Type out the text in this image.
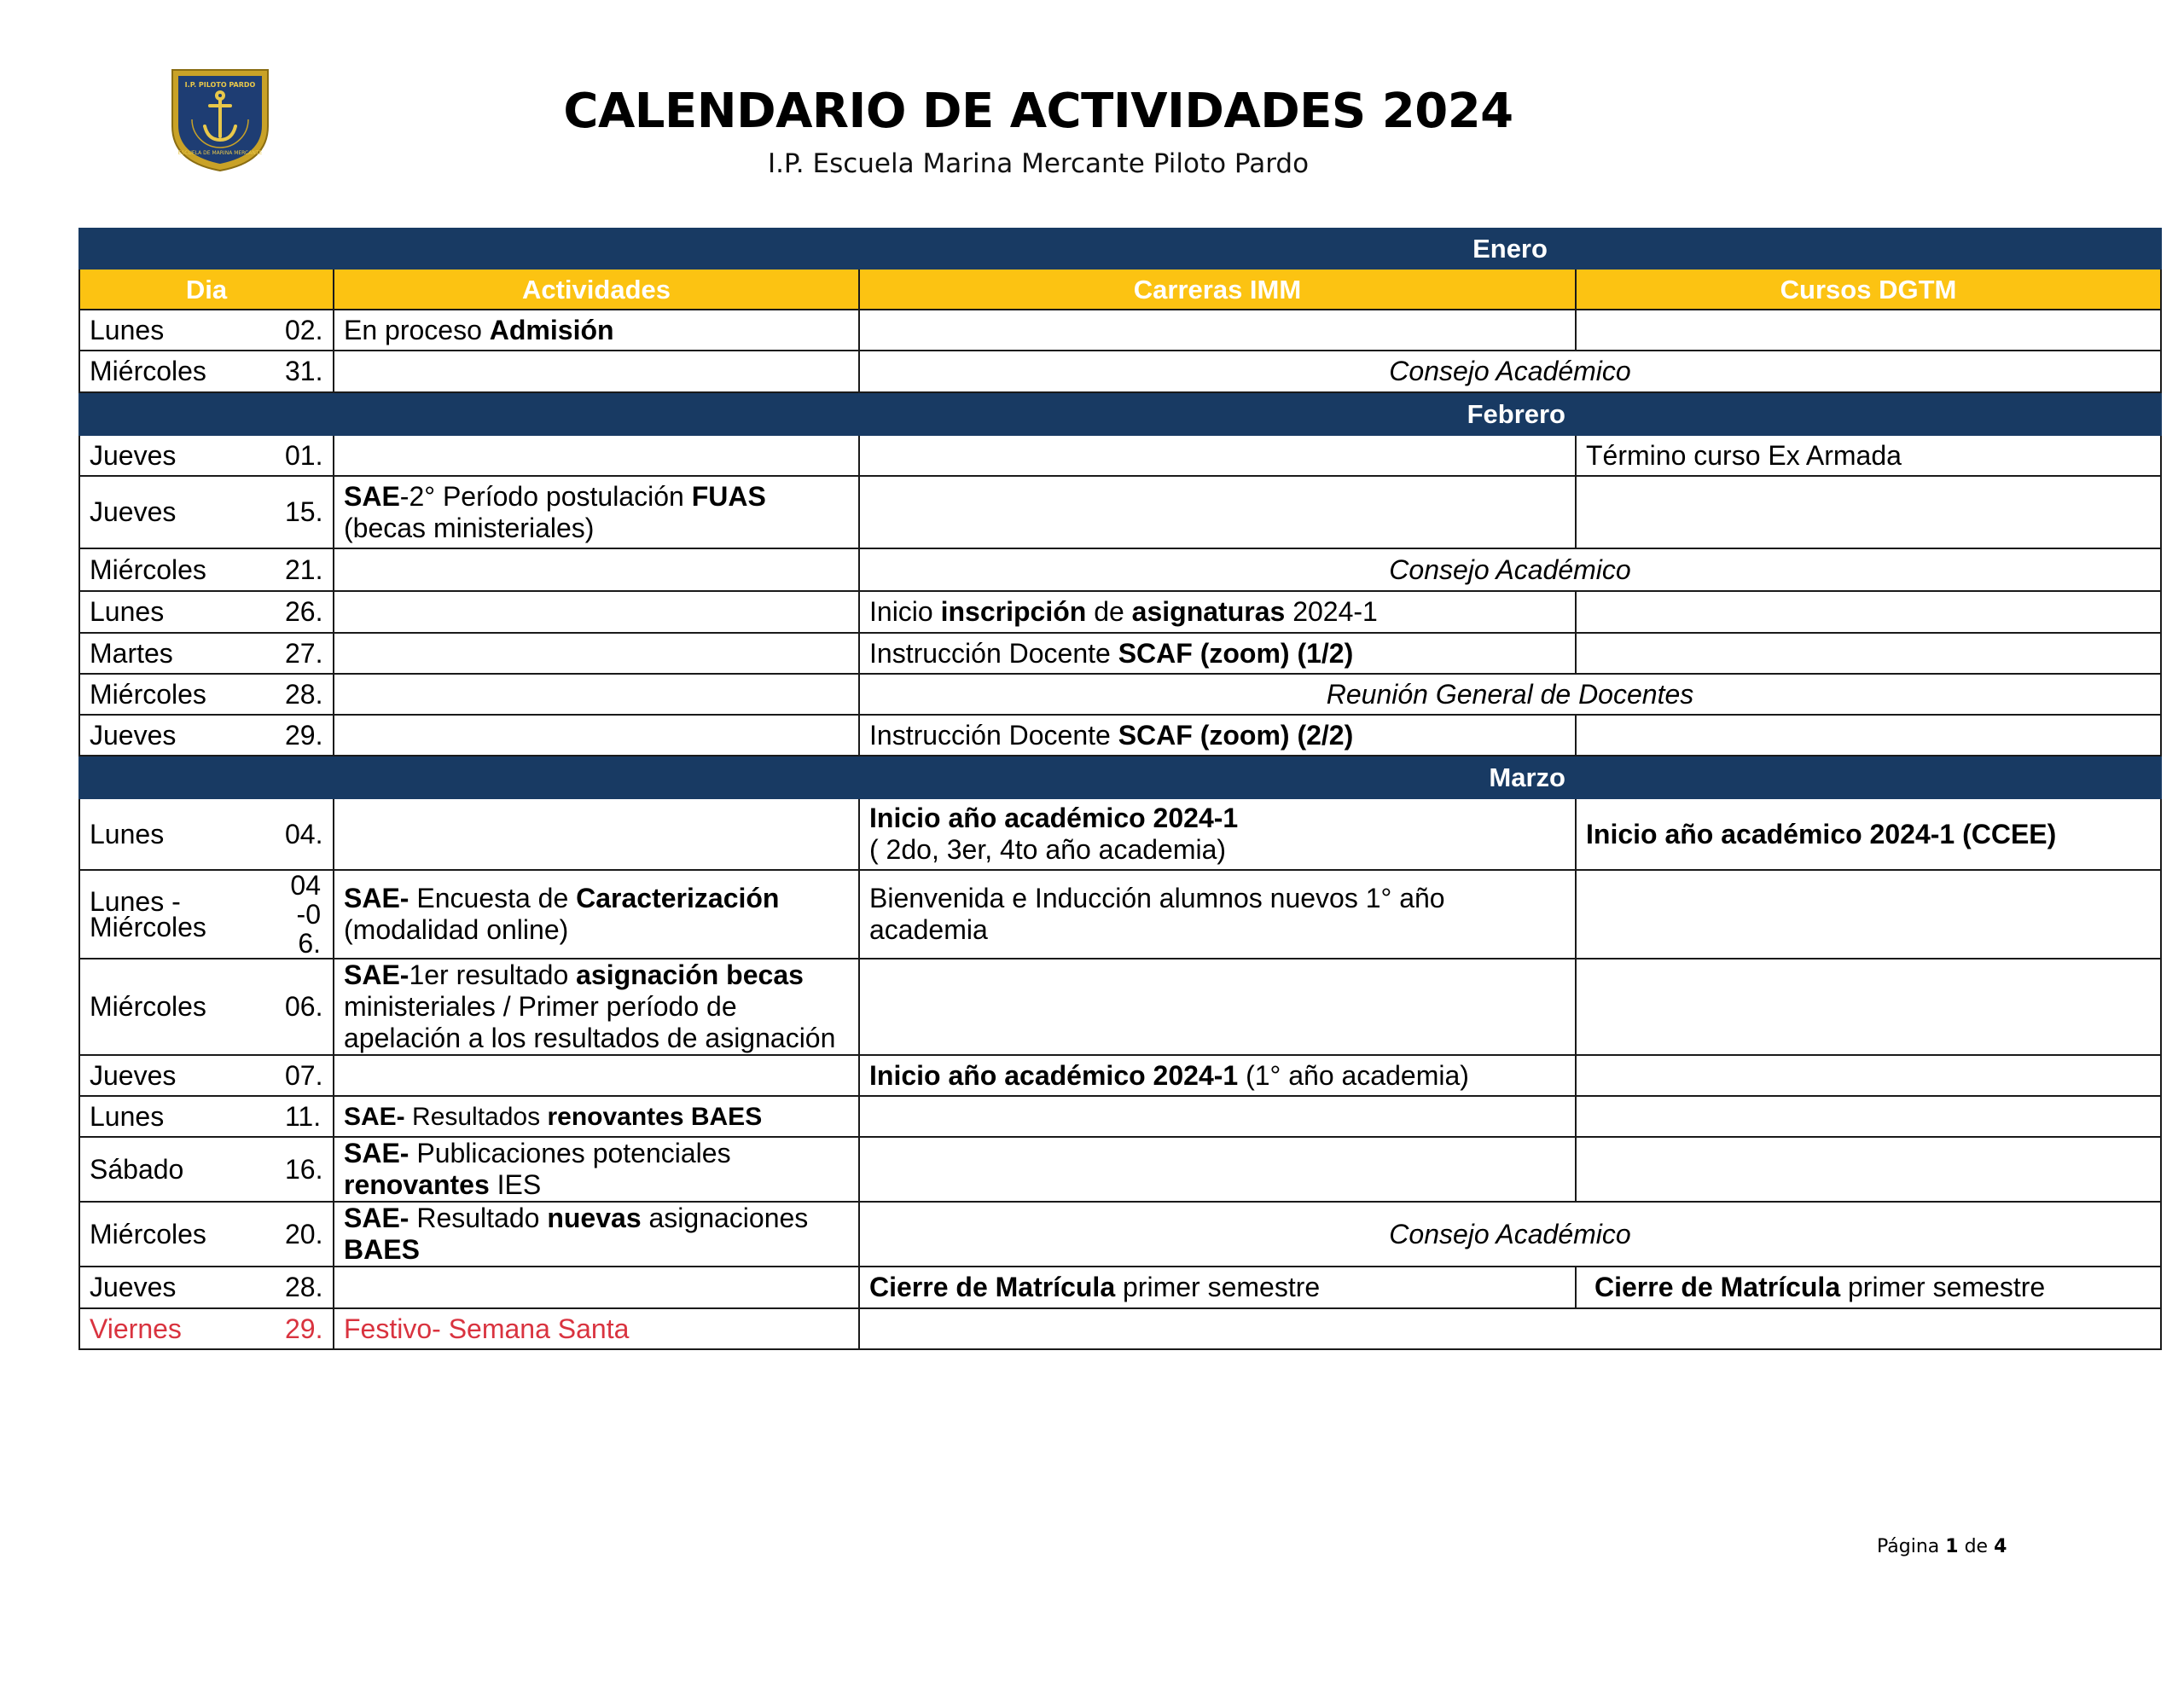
I.P. PILOTO PARDO
ESCUELA DE MARINA MERCANTE
CALENDARIO DE ACTIVIDADES 2024
I.P. Escuela Marina Mercante Piloto Pardo
			Enero	
Dia		Actividades	Carreras IMM	Cursos DGTM
Lunes	02.	En proceso Admisión		
Miércoles	31.		Consejo Académico	
			Febrero	
Jueves	01.			Término curso Ex Armada
Jueves	15.	SAE-2° Período postulación FUAS
(becas ministeriales)		
Miércoles	21.		Consejo Académico	
Lunes	26.		Inicio inscripción de asignaturas 2024-1	
Martes	27.		Instrucción Docente SCAF (zoom) (1/2)	
Miércoles	28.		Reunión General de Docentes	
Jueves	29.		Instrucción Docente SCAF (zoom) (2/2)	
			Marzo	
Lunes	04.		Inicio año académico 2024-1
( 2do, 3er, 4to año academia)	Inicio año académico 2024-1 (CCEE)
Lunes - Miércoles	04-06.	SAE- Encuesta de Caracterización (modalidad online)	Bienvenida e Inducción alumnos nuevos 1° año academia	
Miércoles	06.	SAE-1er resultado asignación becas ministeriales / Primer período de apelación a los resultados de asignación		
Jueves	07.		Inicio año académico 2024-1 (1° año academia)	
Lunes	11.	SAE- Resultados renovantes BAES		
Sábado	16.	SAE- Publicaciones potenciales renovantes IES		
Miércoles	20.	SAE- Resultado nuevas asignaciones BAES	Consejo Académico	
Jueves	28.		Cierre de Matrícula primer semestre	Cierre de Matrícula primer semestre
Viernes	29.	Festivo- Semana Santa		
Página 1 de 4
